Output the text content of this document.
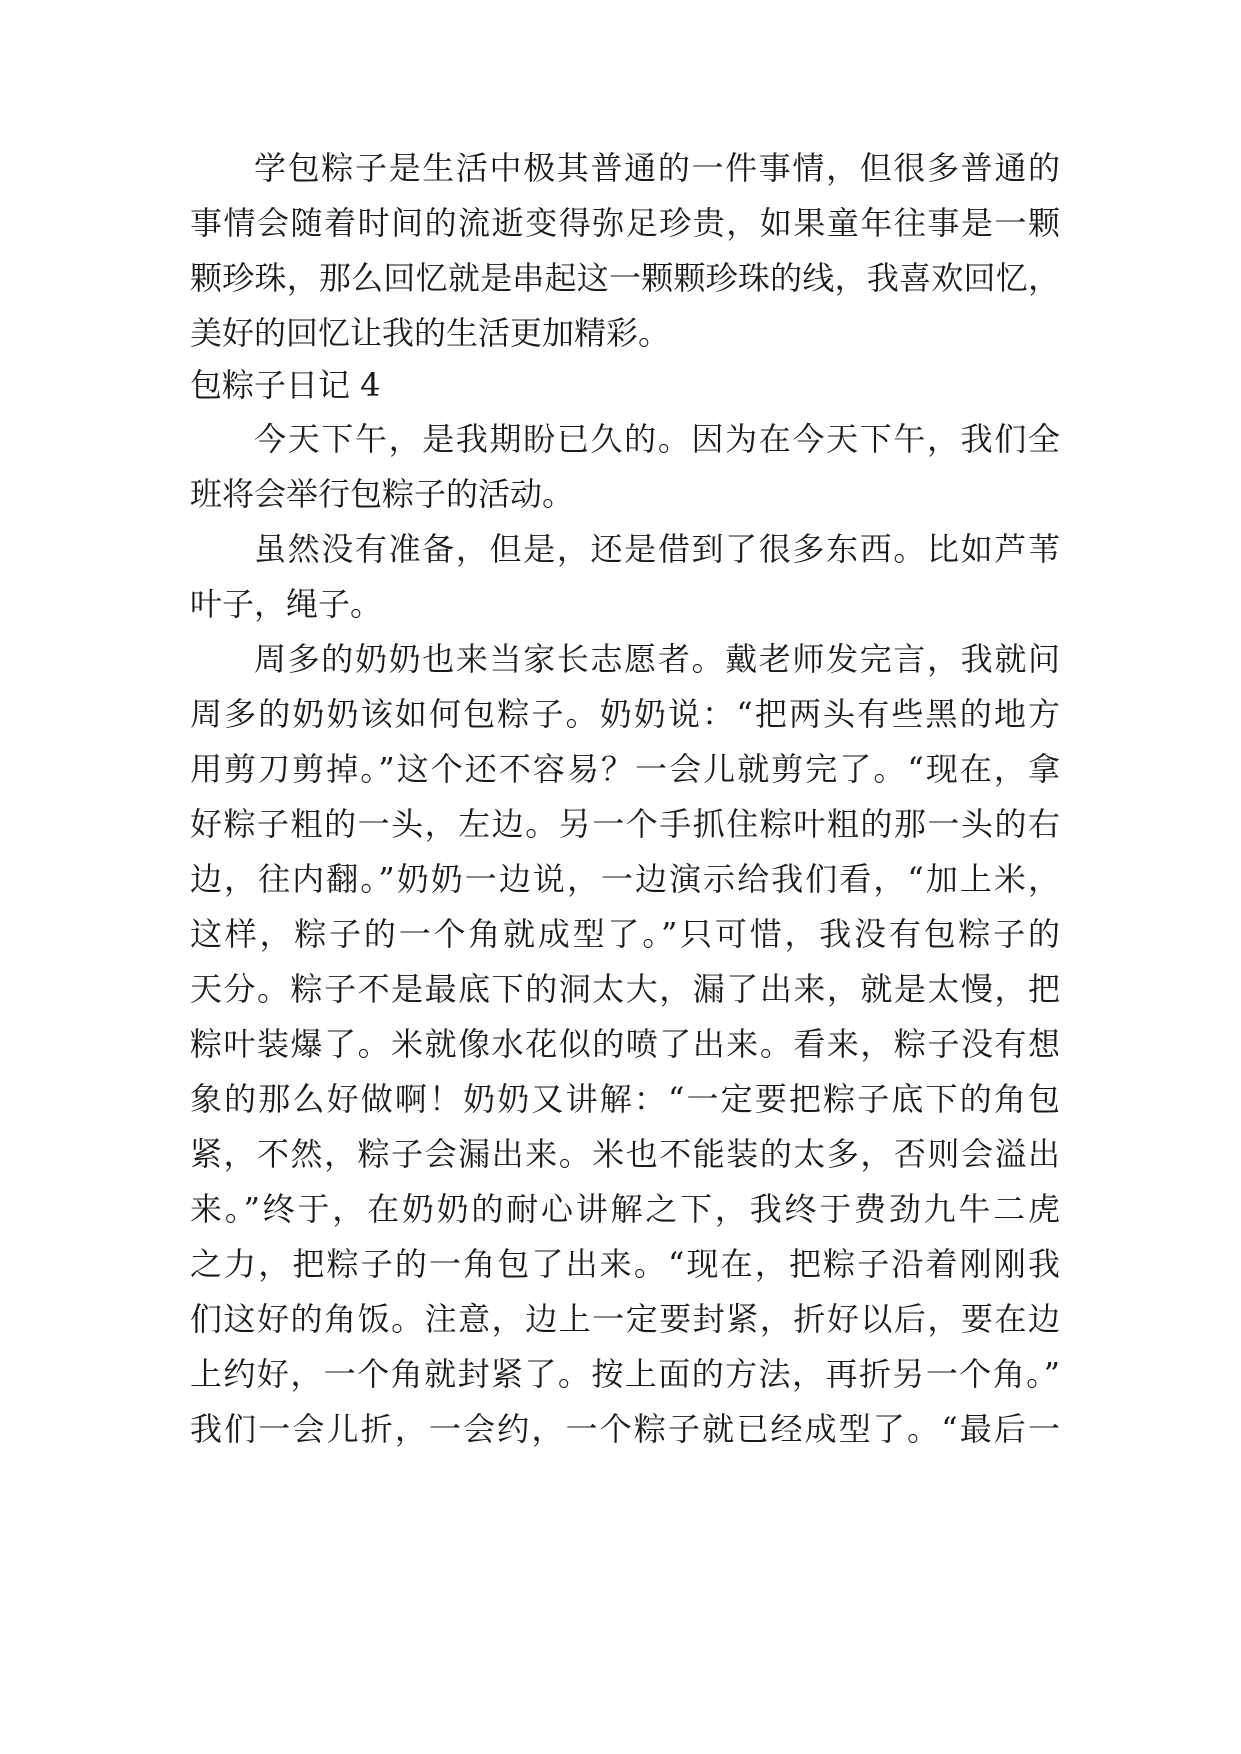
学包粽子是生活中极其普通的一件事情，但很多普通的
事情会随着时间的流逝变得弥足珍贵，如果童年往事是一颗
颗珍珠，那么回忆就是串起这一颗颗珍珠的线，我喜欢回忆，
美好的回忆让我的生活更加精彩。
包粽子日记 4
今天下午，是我期盼已久的。因为在今天下午，我们全
班将会举行包粽子的活动。
虽然没有准备，但是，还是借到了很多东西。比如芦苇
叶子，绳子。
周多的奶奶也来当家长志愿者。戴老师发完言，我就问
周多的奶奶该如何包粽子。奶奶说：“把两头有些黑的地方
用剪刀剪掉。”这个还不容易？一会儿就剪完了。“现在，拿
好粽子粗的一头，左边。另一个手抓住粽叶粗的那一头的右
边，往内翻。”奶奶一边说，一边演示给我们看，“加上米，
这样，粽子的一个角就成型了。”只可惜，我没有包粽子的
天分。粽子不是最底下的洞太大，漏了出来，就是太慢，把
粽叶装爆了。米就像水花似的喷了出来。看来，粽子没有想
象的那么好做啊！奶奶又讲解：“一定要把粽子底下的角包
紧，不然，粽子会漏出来。米也不能装的太多，否则会溢出
来。”终于，在奶奶的耐心讲解之下，我终于费劲九牛二虎
之力，把粽子的一角包了出来。“现在，把粽子沿着刚刚我
们这好的角饭。注意，边上一定要封紧，折好以后，要在边
上约好，一个角就封紧了。按上面的方法，再折另一个角。”
我们一会儿折，一会约，一个粽子就已经成型了。“最后一
